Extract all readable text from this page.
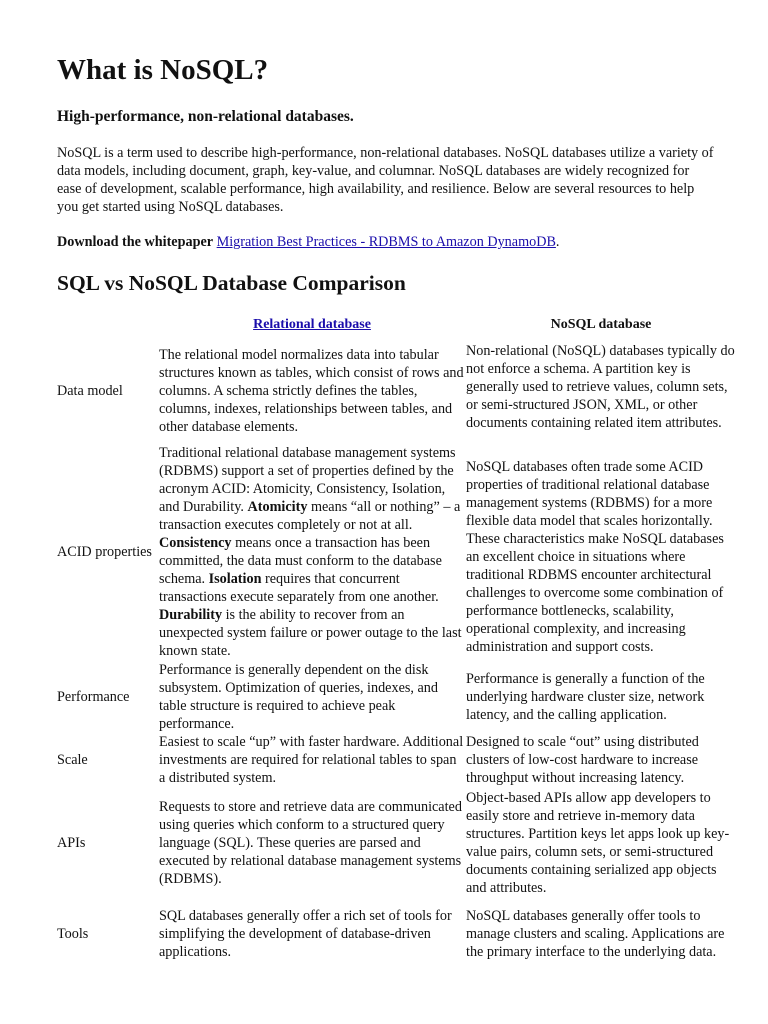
What is NoSQL?

High-performance, non-relational databases.

NoSQL is a term used to describe high-performance, non-relational databases. NoSQL databases utilize a variety of data models, including document, graph, key-value, and columnar. NoSQL databases are widely recognized for ease of development, scalable performance, high availability, and resilience. Below are several resources to help you get started using NoSQL databases.

Download the whitepaper Migration Best Practices - RDBMS to Amazon DynamoDB.

SQL vs NoSQL Database Comparison
Relational database	NoSQL database
Data model
The relational model normalizes data into tabular structures known as tables, which consist of rows and columns. A schema strictly defines the tables, columns, indexes, relationships between tables, and other database elements.
Non-relational (NoSQL) databases typically do not enforce a schema. A partition key is generally used to retrieve values, column sets, or semi-structured JSON, XML, or other documents containing related item attributes.
ACID properties
Traditional relational database management systems (RDBMS) support a set of properties defined by the acronym ACID: Atomicity, Consistency, Isolation, and Durability. Atomicity means “all or nothing” – a transaction executes completely or not at all. Consistency means once a transaction has been committed, the data must conform to the database schema. Isolation requires that concurrent transactions execute separately from one another. Durability is the ability to recover from an unexpected system failure or power outage to the last known state.
NoSQL databases often trade some ACID properties of traditional relational database management systems (RDBMS) for a more flexible data model that scales horizontally. These characteristics make NoSQL databases an excellent choice in situations where traditional RDBMS encounter architectural challenges to overcome some combination of performance bottlenecks, scalability, operational complexity, and increasing administration and support costs.
Performance
Performance is generally dependent on the disk subsystem. Optimization of queries, indexes, and table structure is required to achieve peak performance.
Performance is generally a function of the underlying hardware cluster size, network latency, and the calling application.
Scale
Easiest to scale “up” with faster hardware. Additional investments are required for relational tables to span a distributed system.
Designed to scale “out” using distributed clusters of low-cost hardware to increase throughput without increasing latency.
APIs
Requests to store and retrieve data are communicated using queries which conform to a structured query language (SQL). These queries are parsed and executed by relational database management systems (RDBMS).
Object-based APIs allow app developers to easily store and retrieve in-memory data structures. Partition keys let apps look up key-value pairs, column sets, or semi-structured documents containing serialized app objects and attributes.
Tools
SQL databases generally offer a rich set of tools for simplifying the development of database-driven applications.
NoSQL databases generally offer tools to manage clusters and scaling. Applications are the primary interface to the underlying data.
